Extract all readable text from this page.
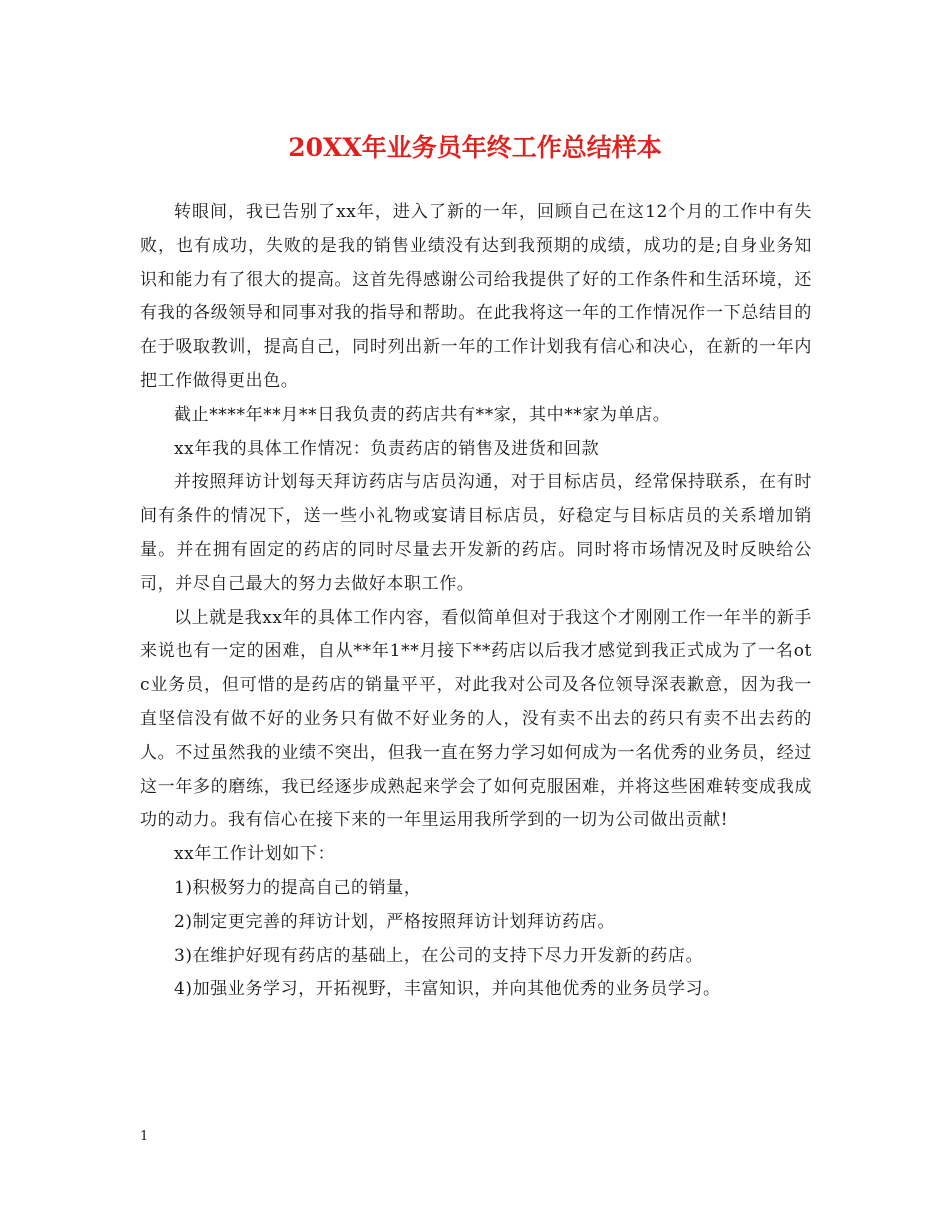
20XX年业务员年终工作总结样本

转眼间，我已告别了xx年，进入了新的一年，回顾自己在这12个月的工作中有失败，也有成功，失败的是我的销售业绩没有达到我预期的成绩，成功的是;自身业务知识和能力有了很大的提高。这首先得感谢公司给我提供了好的工作条件和生活环境，还有我的各级领导和同事对我的指导和帮助。在此我将这一年的工作情况作一下总结目的在于吸取教训，提高自己，同时列出新一年的工作计划我有信心和决心，在新的一年内把工作做得更出色。

截止****年**月**日我负责的药店共有**家，其中**家为单店。

xx年我的具体工作情况：负责药店的销售及进货和回款

并按照拜访计划每天拜访药店与店员沟通，对于目标店员，经常保持联系，在有时间有条件的情况下，送一些小礼物或宴请目标店员，好稳定与目标店员的关系增加销量。并在拥有固定的药店的同时尽量去开发新的药店。同时将市场情况及时反映给公司，并尽自己最大的努力去做好本职工作。

以上就是我xx年的具体工作内容，看似简单但对于我这个才刚刚工作一年半的新手来说也有一定的困难，自从**年1**月接下**药店以后我才感觉到我正式成为了一名otc业务员，但可惜的是药店的销量平平，对此我对公司及各位领导深表歉意，因为我一直坚信没有做不好的业务只有做不好业务的人，没有卖不出去的药只有卖不出去药的人。不过虽然我的业绩不突出，但我一直在努力学习如何成为一名优秀的业务员，经过这一年多的磨练，我已经逐步成熟起来学会了如何克服困难，并将这些困难转变成我成功的动力。我有信心在接下来的一年里运用我所学到的一切为公司做出贡献!

xx年工作计划如下：

1)积极努力的提高自己的销量，

2)制定更完善的拜访计划，严格按照拜访计划拜访药店。

3)在维护好现有药店的基础上，在公司的支持下尽力开发新的药店。

4)加强业务学习，开拓视野，丰富知识，并向其他优秀的业务员学习。

1
